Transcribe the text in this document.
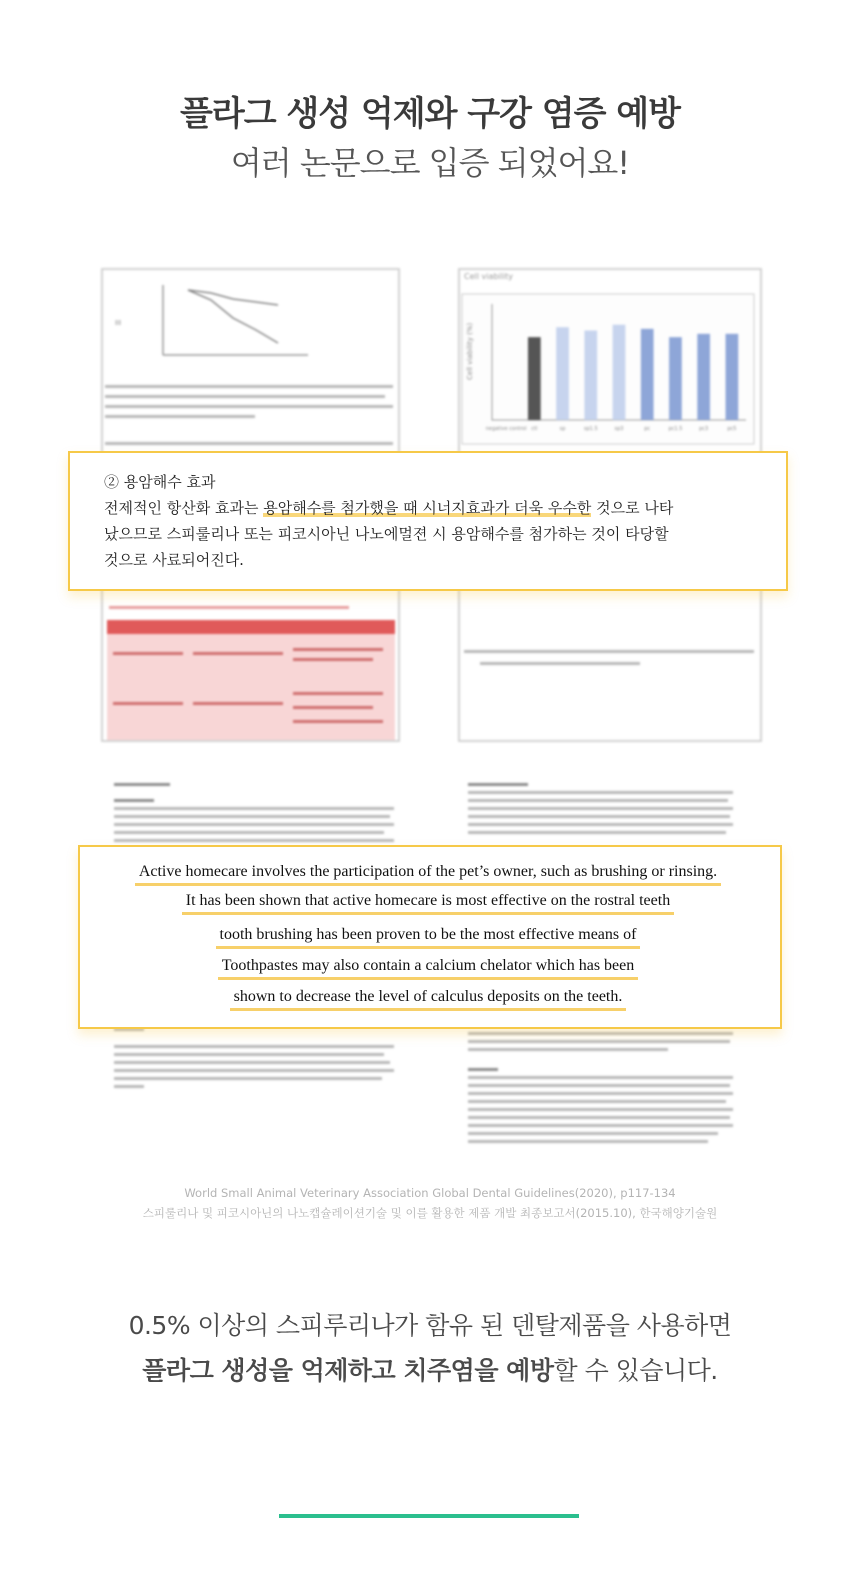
플라그 생성 억제와 구강 염증 예방
여러 논문으로 입증 되었어요!
III
Cell viability
Cell viability (%)
negative control ctl	sp	sp1.5	sp3	pc	pc1.5	pc3	pc5
② 용암해수 효과
전제적인 항산화 효과는 용암해수를 첨가했을 때 시너지효과가 더욱 우수한 것으로 나타
났으므로 스피룰리나 또는 피코시아닌 나노에멀젼 시 용암해수를 첨가하는 것이 타당할
것으로 사료되어진다.
Active homecare involves the participation of the pet’s owner, such as brushing or rinsing.
It has been shown that active homecare is most effective on the rostral teeth
tooth brushing has been proven to be the most effective means of
Toothpastes may also contain a calcium chelator which has been
shown to decrease the level of calculus deposits on the teeth.
World Small Animal Veterinary Association Global Dental Guidelines(2020), p117-134
스피룰리나 및 피코시아닌의 나노캡슐레이션기술 및 이를 활용한 제품 개발 최종보고서(2015.10), 한국해양기술원
0.5% 이상의 스피루리나가 함유 된 덴탈제품을 사용하면
플라그 생성을 억제하고 치주염을 예방할 수 있습니다.
